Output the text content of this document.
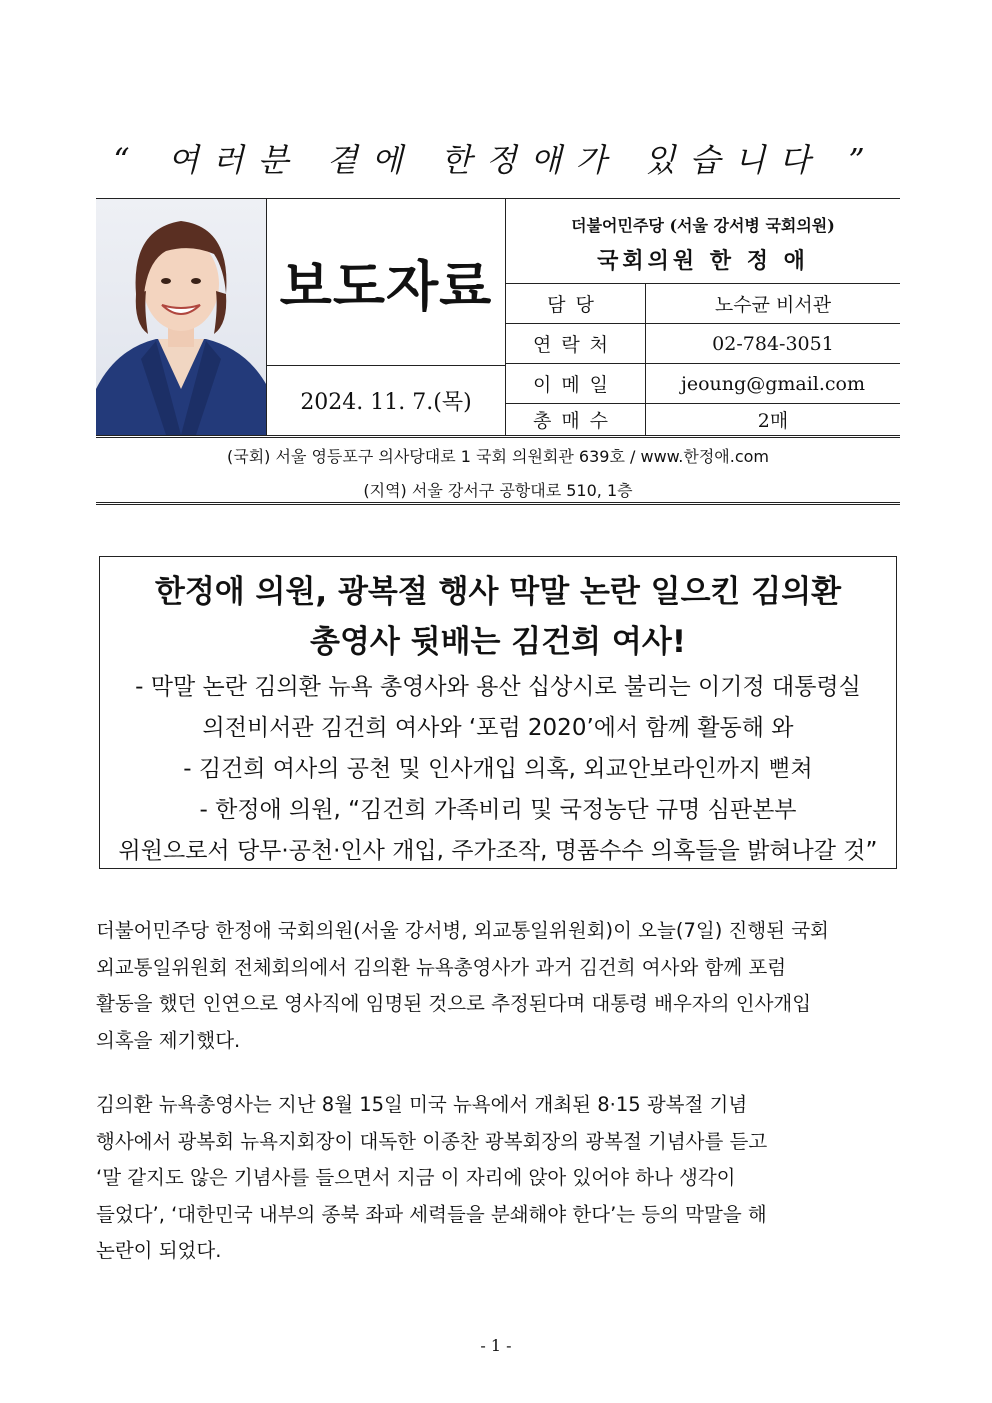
“ 여러분 곁에 한정애가 있습니다 ”
보도자료
2024. 11. 7.(목)
더불어민주당 (서울 강서병 국회의원)
국회의원 한 정 애
담당	노수균 비서관
연락처	02-784-3051
이메일	jeoung@gmail.com
총매수	2매
(국회) 서울 영등포구 의사당대로 1 국회 의원회관 639호 / www.한정애.com
(지역) 서울 강서구 공항대로 510, 1층
한정애 의원, 광복절 행사 막말 논란 일으킨 김의환
총영사 뒷배는 김건희 여사!
- 막말 논란 김의환 뉴욕 총영사와 용산 십상시로 불리는 이기정 대통령실
의전비서관 김건희 여사와 ‘포럼 2020’에서 함께 활동해 와
- 김건희 여사의 공천 및 인사개입 의혹, 외교안보라인까지 뻗쳐
- 한정애 의원, “김건희 가족비리 및 국정농단 규명 심판본부
위원으로서 당무·공천·인사 개입, 주가조작, 명품수수 의혹들을 밝혀나갈 것”
더불어민주당 한정애 국회의원(서울 강서병, 외교통일위원회)이 오늘(7일) 진행된 국회
외교통일위원회 전체회의에서 김의환 뉴욕총영사가 과거 김건희 여사와 함께 포럼
활동을 했던 인연으로 영사직에 임명된 것으로 추정된다며 대통령 배우자의 인사개입
의혹을 제기했다.
김의환 뉴욕총영사는 지난 8월 15일 미국 뉴욕에서 개최된 8·15 광복절 기념
행사에서 광복회 뉴욕지회장이 대독한 이종찬 광복회장의 광복절 기념사를 듣고
‘말 같지도 않은 기념사를 들으면서 지금 이 자리에 앉아 있어야 하나 생각이
들었다’, ‘대한민국 내부의 종북 좌파 세력들을 분쇄해야 한다’는 등의 막말을 해
논란이 되었다.
- 1 -
